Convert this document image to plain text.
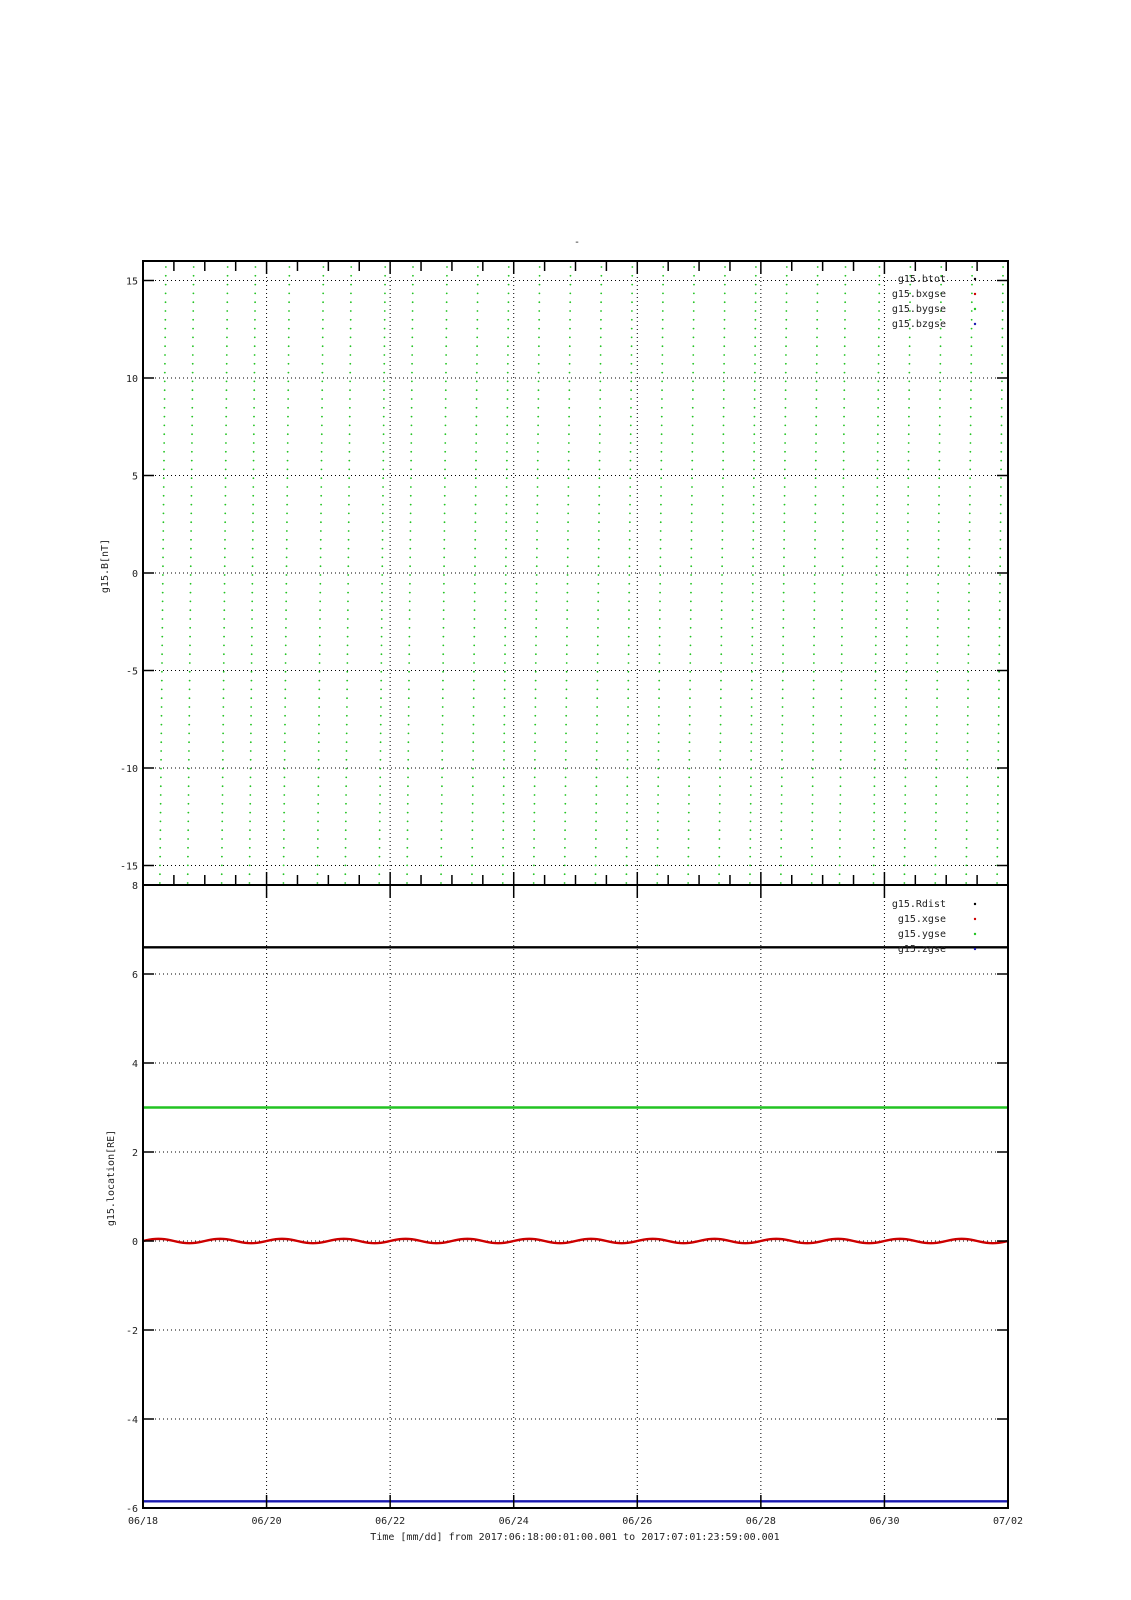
-
g15.B[nT]
-15
-10
-5
0
5
10
15	g15.btot
g15.bxgse
g15.bygse
g15.bzgse
g15.location[RE]
-6
-4
-2
0
2
4
6
8
g15.Rdist
g15.xgse
g15.ygse
g15.zgse
06/18	06/20	06/22	06/24	06/26	06/28	06/30	07/02
Time [mm/dd] from 2017:06:18:00:01:00.001 to 2017:07:01:23:59:00.001
